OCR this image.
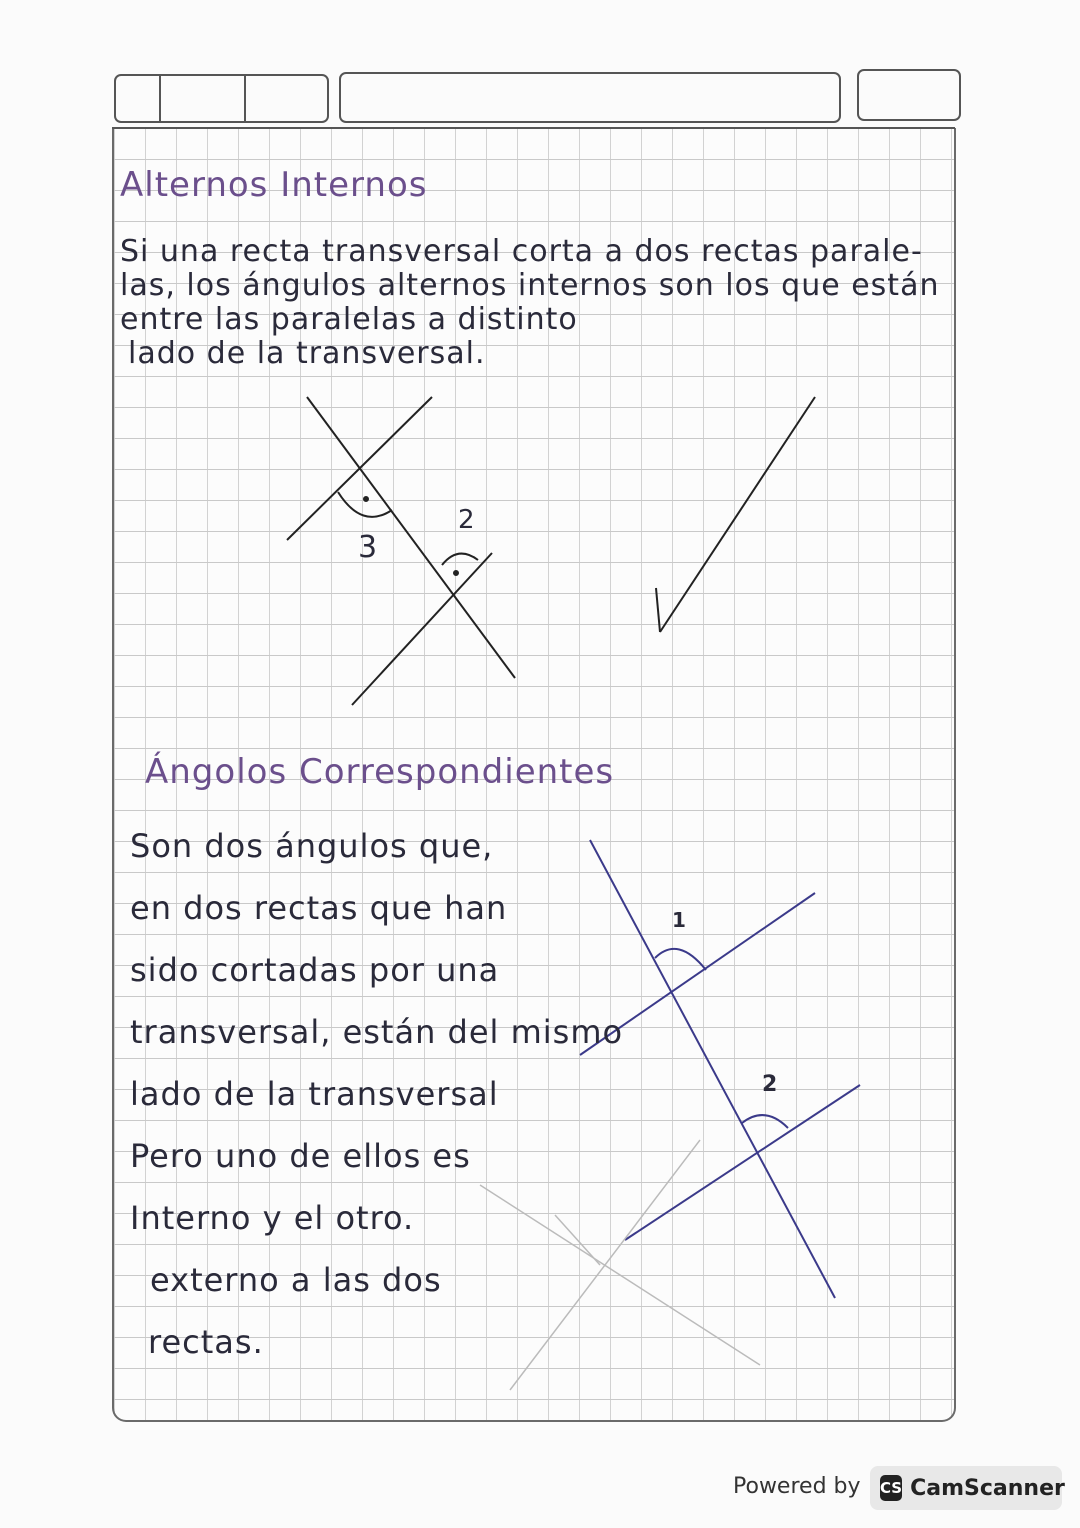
Alternos Internos
Si una recta transversal corta a dos rectas parale-
las, los ángulos alternos internos son los que están
entre las paralelas a distinto
lado de la transversal.
3
2
Ángolos Correspondientes
Son dos ángulos que,
en dos rectas que han
sido cortadas por una
transversal, están del mismo
lado de la transversal
Pero uno de ellos es
Interno y el otro.
externo a las dos
rectas.
1
2
Powered by CS CamScanner
